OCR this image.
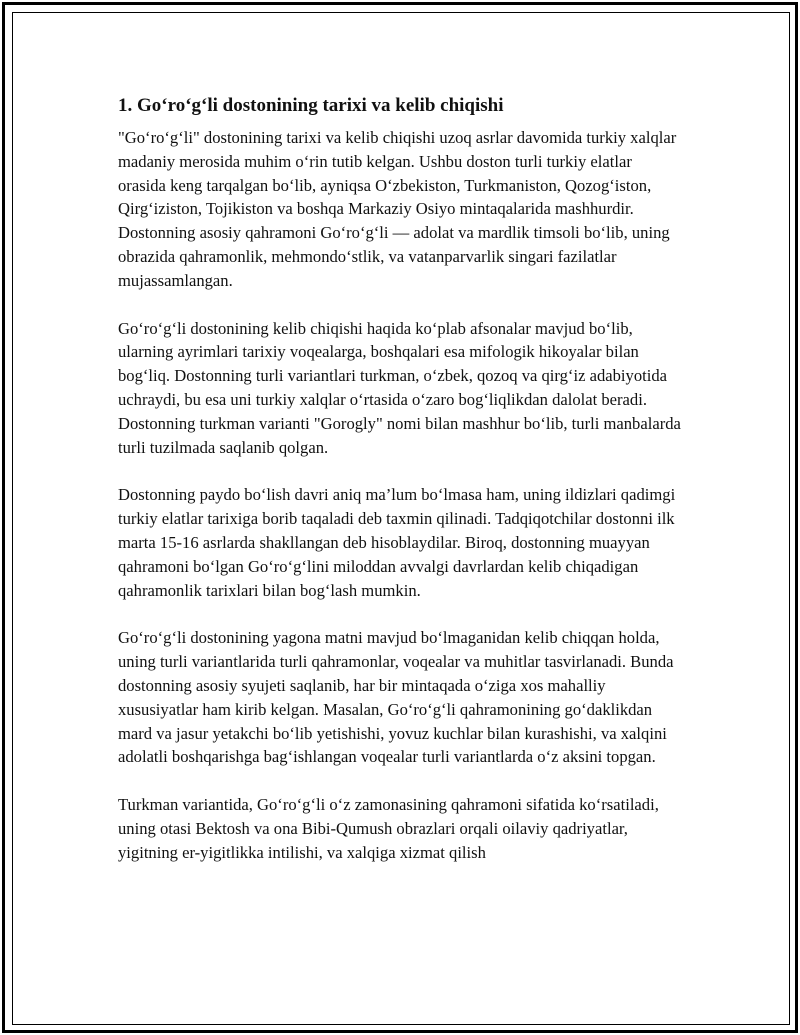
1. Go‘ro‘g‘li dostonining tarixi va kelib chiqishi

"Go‘ro‘g‘li" dostonining tarixi va kelib chiqishi uzoq asrlar davomida turkiy xalqlar madaniy merosida muhim o‘rin tutib kelgan. Ushbu doston turli turkiy elatlar orasida keng tarqalgan bo‘lib, ayniqsa O‘zbekiston, Turkmaniston, Qozog‘iston, Qirg‘iziston, Tojikiston va boshqa Markaziy Osiyo mintaqalarida mashhurdir. Dostonning asosiy qahramoni Go‘ro‘g‘li — adolat va mardlik timsoli bo‘lib, uning obrazida qahramonlik, mehmondo‘stlik, va vatanparvarlik singari fazilatlar mujassamlangan.

Go‘ro‘g‘li dostonining kelib chiqishi haqida ko‘plab afsonalar mavjud bo‘lib, ularning ayrimlari tarixiy voqealarga, boshqalari esa mifologik hikoyalar bilan bog‘liq. Dostonning turli variantlari turkman, o‘zbek, qozoq va qirg‘iz adabiyotida uchraydi, bu esa uni turkiy xalqlar o‘rtasida o‘zaro bog‘liqlikdan dalolat beradi. Dostonning turkman varianti "Gorogly" nomi bilan mashhur bo‘lib, turli manbalarda turli tuzilmada saqlanib qolgan.

Dostonning paydo bo‘lish davri aniq ma’lum bo‘lmasa ham, uning ildizlari qadimgi turkiy elatlar tarixiga borib taqaladi deb taxmin qilinadi. Tadqiqotchilar dostonni ilk marta 15-16 asrlarda shakllangan deb hisoblaydilar. Biroq, dostonning muayyan qahramoni bo‘lgan Go‘ro‘g‘lini miloddan avvalgi davrlardan kelib chiqadigan qahramonlik tarixlari bilan bog‘lash mumkin.

Go‘ro‘g‘li dostonining yagona matni mavjud bo‘lmaganidan kelib chiqqan holda, uning turli variantlarida turli qahramonlar, voqealar va muhitlar tasvirlanadi. Bunda dostonning asosiy syujeti saqlanib, har bir mintaqada o‘ziga xos mahalliy xususiyatlar ham kirib kelgan. Masalan, Go‘ro‘g‘li qahramonining go‘daklikdan mard va jasur yetakchi bo‘lib yetishishi, yovuz kuchlar bilan kurashishi, va xalqini adolatli boshqarishga bag‘ishlangan voqealar turli variantlarda o‘z aksini topgan.

Turkman variantida, Go‘ro‘g‘li o‘z zamonasining qahramoni sifatida ko‘rsatiladi, uning otasi Bektosh va ona Bibi-Qumush obrazlari orqali oilaviy qadriyatlar, yigitning er-yigitlikka intilishi, va xalqiga xizmat qilish
